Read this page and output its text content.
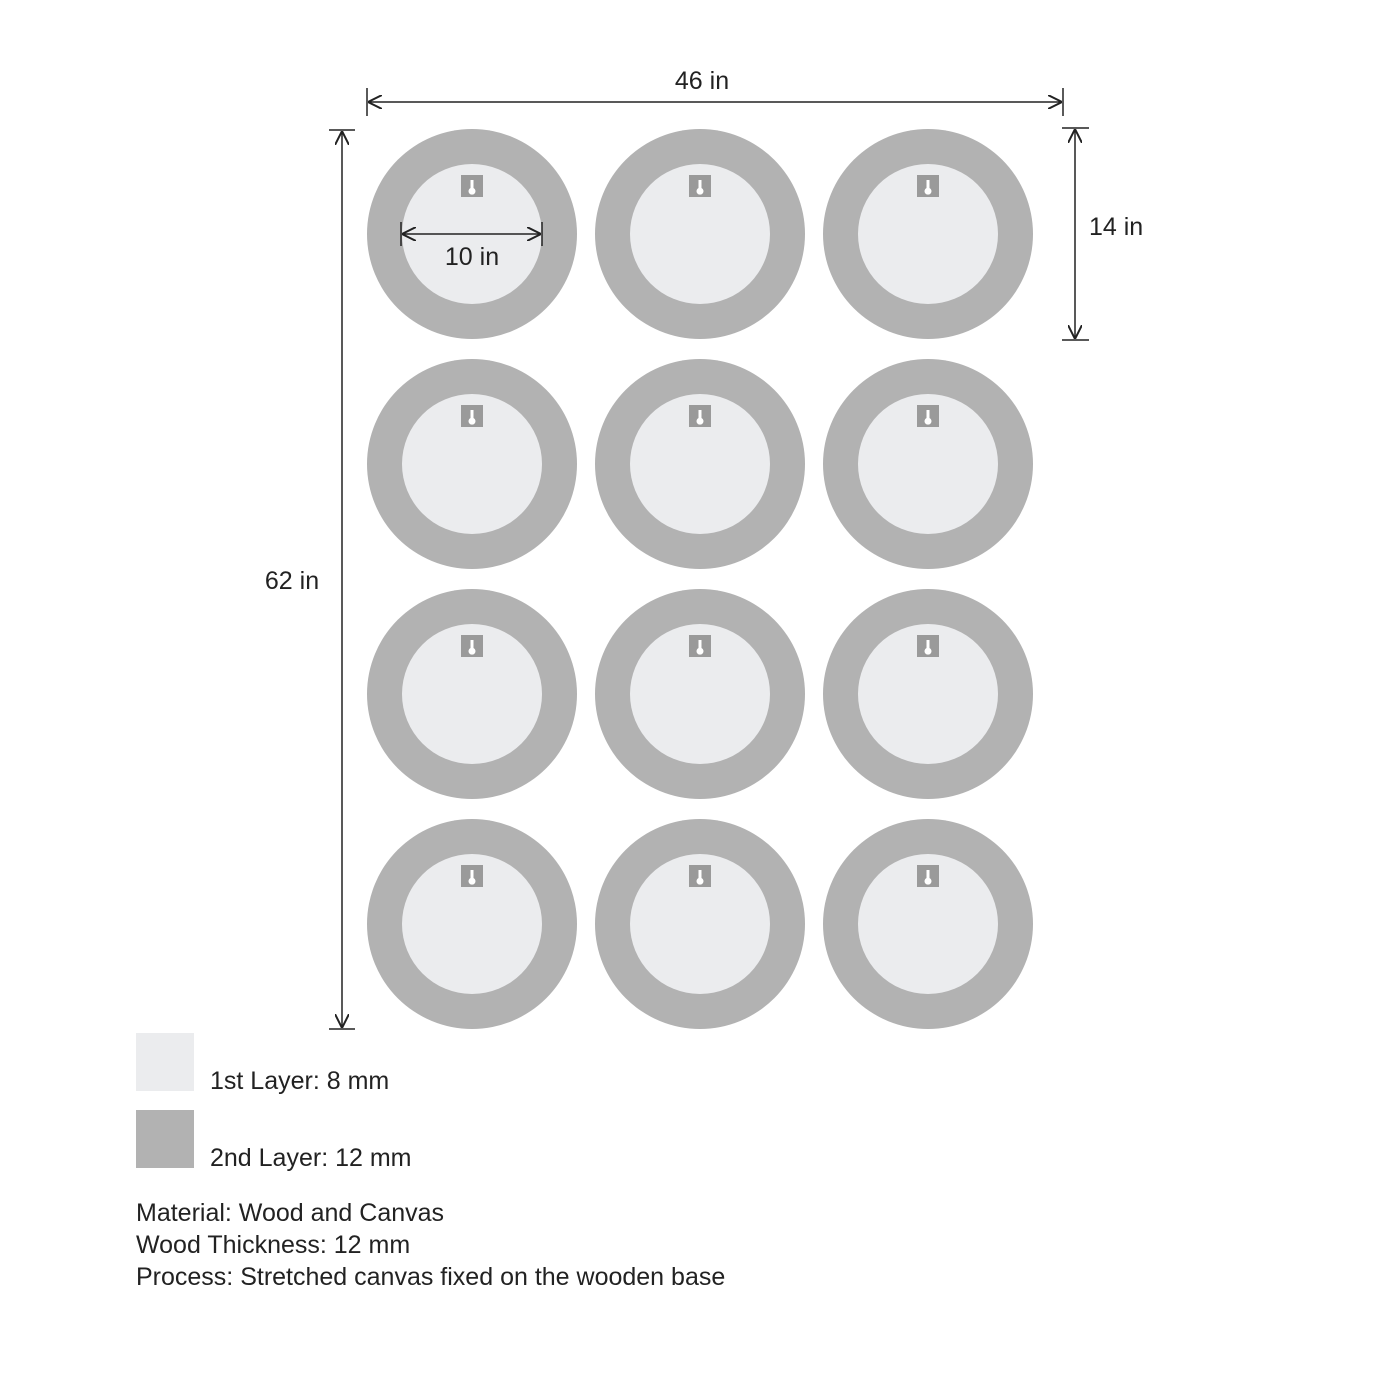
46 in
62 in
14 in
10 in
1st Layer: 8 mm
2nd Layer: 12 mm
Material: Wood and Canvas
Wood Thickness: 12 mm
Process: Stretched canvas fixed on the wooden base
